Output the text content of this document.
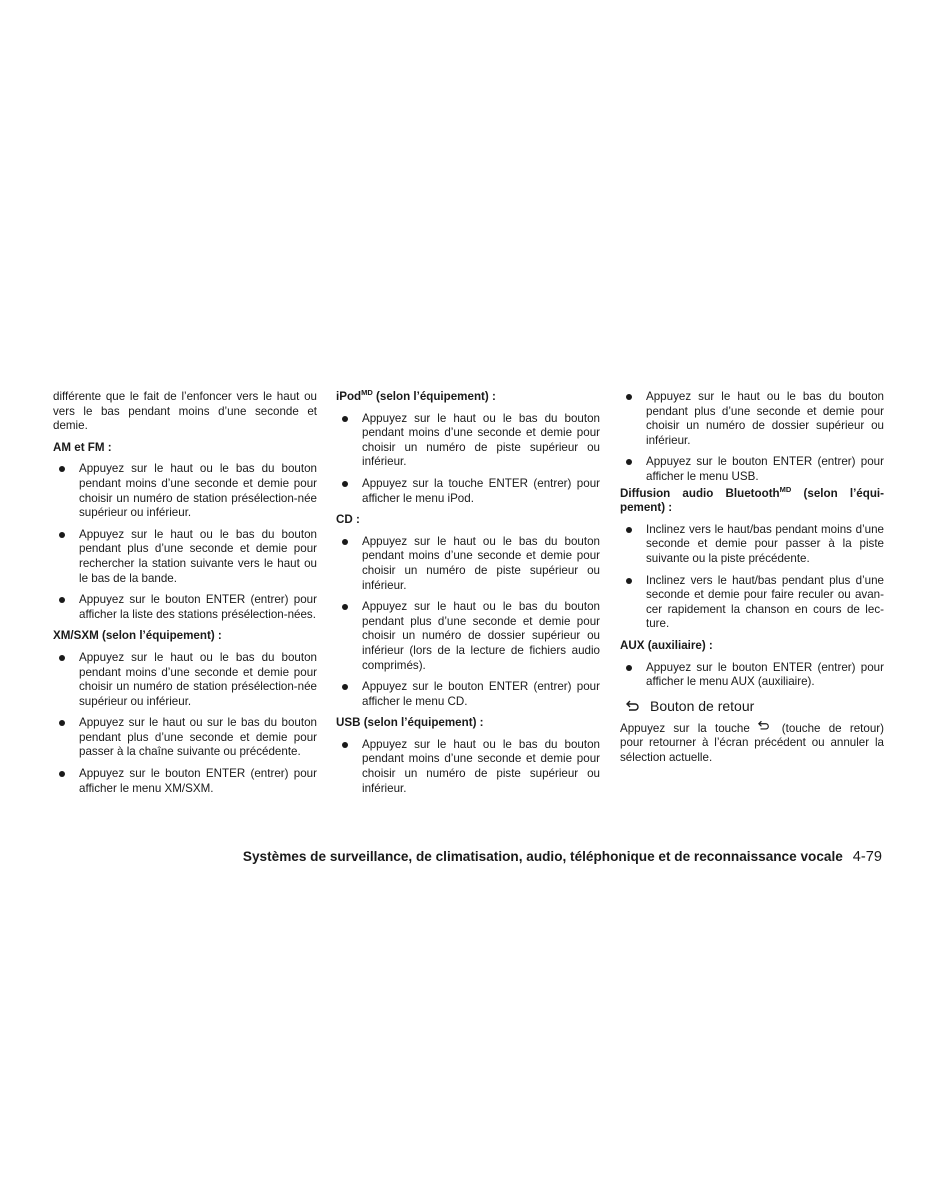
différente que le fait de l’enfoncer vers le haut ou vers le bas pendant moins d’une seconde et demie.

AM et FM :
Appuyez sur le haut ou le bas du bouton pendant moins d’une seconde et demie pour choisir un numéro de station présélection-née supérieur ou inférieur.
Appuyez sur le haut ou le bas du bouton pendant plus d’une seconde et demie pour rechercher la station suivante vers le haut ou le bas de la bande.
Appuyez sur le bouton ENTER (entrer) pour afficher la liste des stations présélection-nées.
XM/SXM (selon l’équipement) :
Appuyez sur le haut ou le bas du bouton pendant moins d’une seconde et demie pour choisir un numéro de station présélection-née supérieur ou inférieur.
Appuyez sur le haut ou sur le bas du bouton pendant plus d’une seconde et demie pour passer à la chaîne suivante ou précédente.
Appuyez sur le bouton ENTER (entrer) pour afficher le menu XM/SXM.
iPod$^{MD}$ (selon l’équipement) :
Appuyez sur le haut ou le bas du bouton pendant moins d’une seconde et demie pour choisir un numéro de piste supérieur ou inférieur.
Appuyez sur la touche ENTER (entrer) pour afficher le menu iPod.
CD :
Appuyez sur le haut ou le bas du bouton pendant moins d’une seconde et demie pour choisir un numéro de piste supérieur ou inférieur.
Appuyez sur le haut ou le bas du bouton pendant plus d’une seconde et demie pour choisir un numéro de dossier supérieur ou inférieur (lors de la lecture de fichiers audio comprimés).
Appuyez sur le bouton ENTER (entrer) pour afficher le menu CD.
USB (selon l’équipement) :
Appuyez sur le haut ou le bas du bouton pendant moins d’une seconde et demie pour choisir un numéro de piste supérieur ou inférieur.
Appuyez sur le haut ou le bas du bouton pendant plus d’une seconde et demie pour choisir un numéro de dossier supérieur ou inférieur.
Appuyez sur le bouton ENTER (entrer) pour afficher le menu USB.
Diffusion audio Bluetooth$^{MD}$ (selon l’équi-pement) :
Inclinez vers le haut/bas pendant moins d’une seconde et demie pour passer à la piste suivante ou la piste précédente.
Inclinez vers le haut/bas pendant plus d’une seconde et demie pour faire reculer ou avan-cer rapidement la chanson en cours de lec-ture.
AUX (auxiliaire) :
Appuyez sur le bouton ENTER (entrer) pour afficher le menu AUX (auxiliaire).
Bouton de retour

Appuyez sur la touche	(touche de retour) pour retourner à l’écran précédent ou annuler la sélection actuelle.

Systèmes de surveillance, de climatisation, audio, téléphonique et de reconnaissance vocale 4-79
